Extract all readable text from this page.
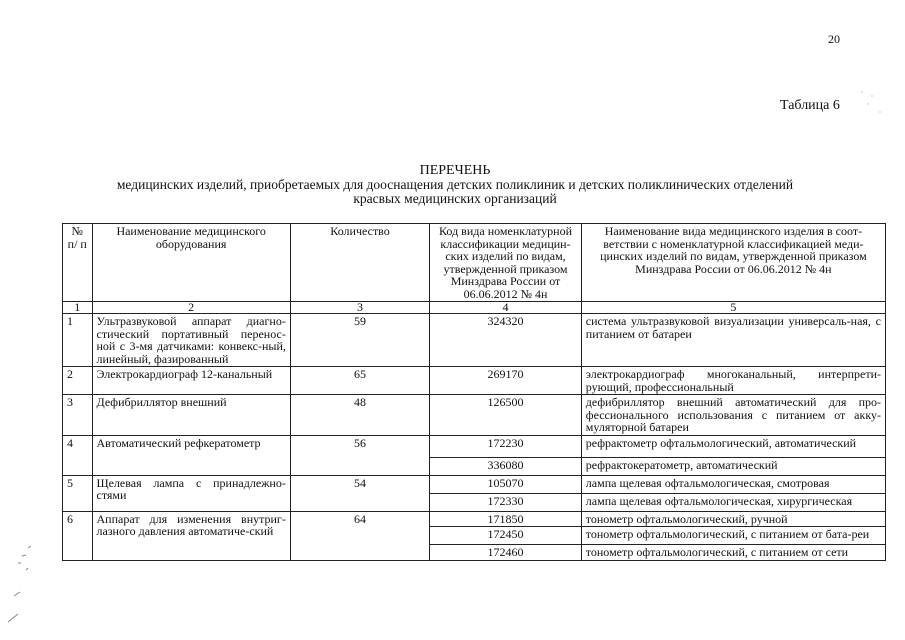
20
Таблица 6
ПЕРЕЧЕНЬ
медицинских изделий, приобретаемых для дооснащения детских поликлиник и детских поликлинических отделений
красвых медицинских организаций
№ п/ п	Наименование медицинского оборудования	Количество	Код вида номенклатурной классификации медицин-ских изделий по видам, утвержденной приказом Минздрава России от 06.06.2012 № 4н	Наименование вида медицинского изделия в соот-ветствии с номенклатурной классификацией меди-цинских изделий по видам, утвержденной приказом Минздрава России от 06.06.2012 № 4н
1	2	3	4	5
1	Ультразвуковой аппарат диагно-стический портативный перенос-ной с 3-мя датчиками: конвекс-ный, линейный, фазированный	59	324320	система ультразвуковой визуализации универсаль-ная, с питанием от батареи
2	Электрокардиограф 12-канальный	65	269170	электрокардиограф многоканальный, интерпрети-рующий, профессиональный
3	Дефибриллятор внешний	48	126500	дефибриллятор внешний автоматический для про-фессионального использования с питанием от акку-муляторной батареи
4	Автоматический рефкератометр	56	172230	рефрактометр офтальмологический, автоматический
			336080	рефрактокератометр, автоматический
5	Щелевая лампа с принадлежно-стями	54	105070	лампа щелевая офтальмологическая, смотровая
			172330	лампа щелевая офтальмологическая, хирургическая
6	Аппарат для изменения внутриг-лазного давления автоматиче-ский	64	171850	тонометр офтальмологический, ручной
			172450	тонометр офтальмологический, с питанием от бата-реи
			172460	тонометр офтальмологический, с питанием от сети
